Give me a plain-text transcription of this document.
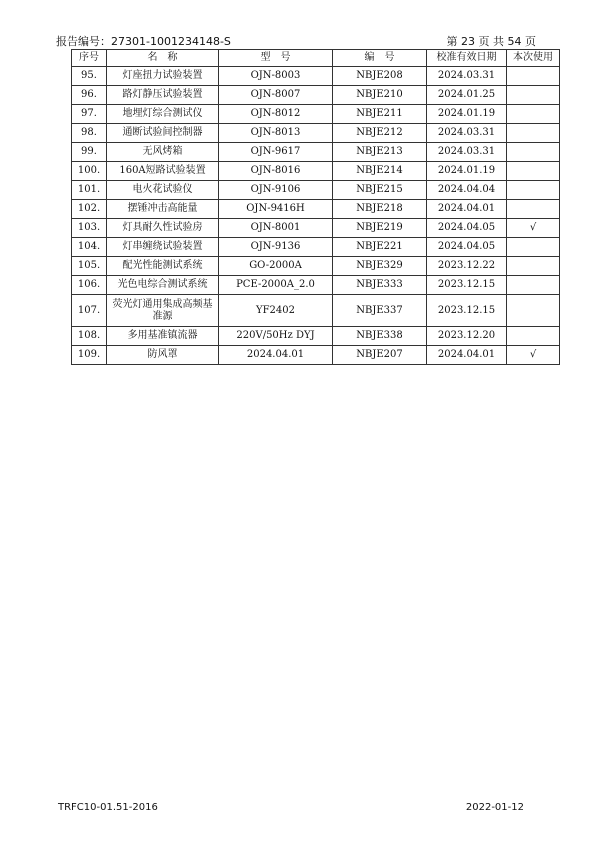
报告编号：27301-1001234148-S	第 23 页 共 54 页
序号	名　称	型　号	编　号	校准有效日期	本次使用
95.	灯座扭力试验装置	OJN-8003	NBJE208	2024.03.31	
96.	路灯静压试验装置	OJN-8007	NBJE210	2024.01.25	
97.	地埋灯综合测试仪	OJN-8012	NBJE211	2024.01.19	
98.	通断试验间控制器	OJN-8013	NBJE212	2024.03.31	
99.	无风烤箱	OJN-9617	NBJE213	2024.03.31	
100.	160A短路试验装置	OJN-8016	NBJE214	2024.01.19	
101.	电火花试验仪	OJN-9106	NBJE215	2024.04.04	
102.	摆锤冲击高能量	OJN-9416H	NBJE218	2024.04.01	
103.	灯具耐久性试验房	OJN-8001	NBJE219	2024.04.05	√
104.	灯串缠绕试验装置	OJN-9136	NBJE221	2024.04.05	
105.	配光性能测试系统	GO-2000A	NBJE329	2023.12.22	
106.	光色电综合测试系统	PCE-2000A_2.0	NBJE333	2023.12.15	
107.	荧光灯通用集成高频基准源	YF2402	NBJE337	2023.12.15	
108.	多用基准镇流器	220V/50Hz DYJ	NBJE338	2023.12.20	
109.	防风罩	2024.04.01	NBJE207	2024.04.01	√
TRFC10-01.51-2016	2022-01-12
